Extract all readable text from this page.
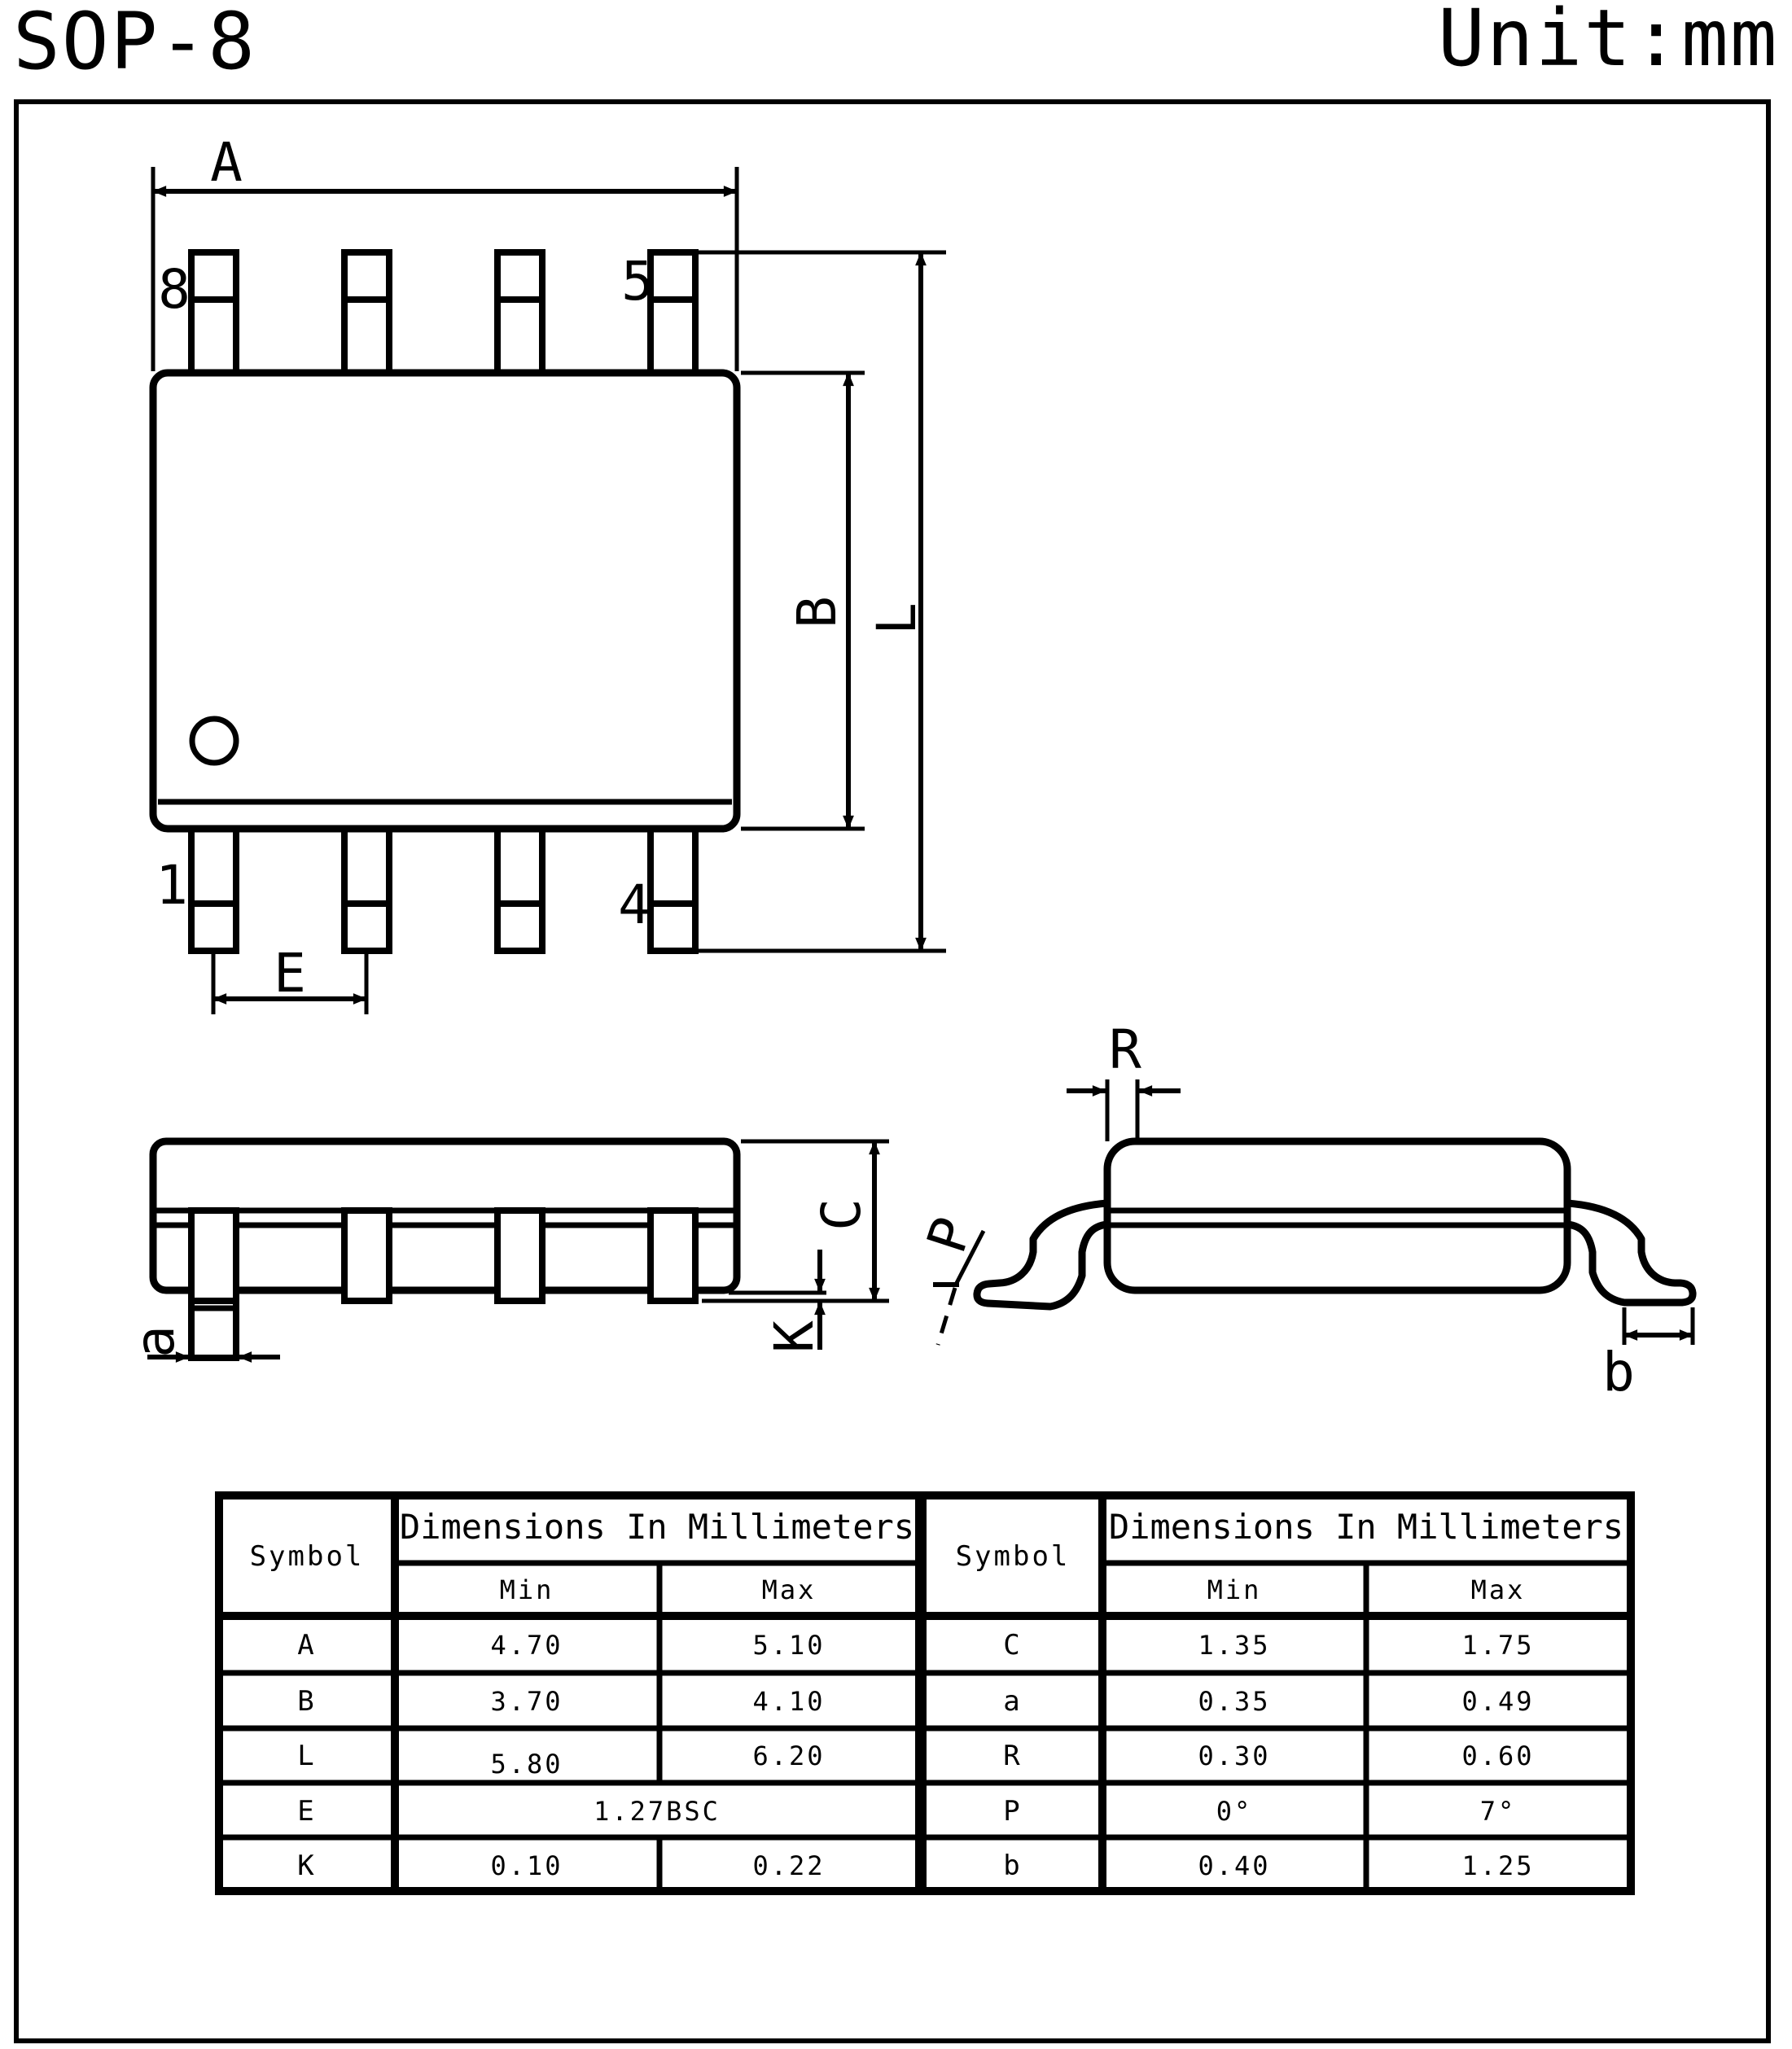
SOP-8	Unit:mm
8	5
1	4
A
B L
E
a
C
K
R
P
b
Symbol
Dimensions In Millimeters
Min	Max
A	4.70	5.10
B	3.70	4.10
L	5.80	6.20
E	1.27BSC
K	0.10	0.22
Symbol
Dimensions In Millimeters
Min	Max
C	1.35	1.75
a	0.35	0.49
R	0.30	0.60
P	0°	7°
b	0.40	1.25
